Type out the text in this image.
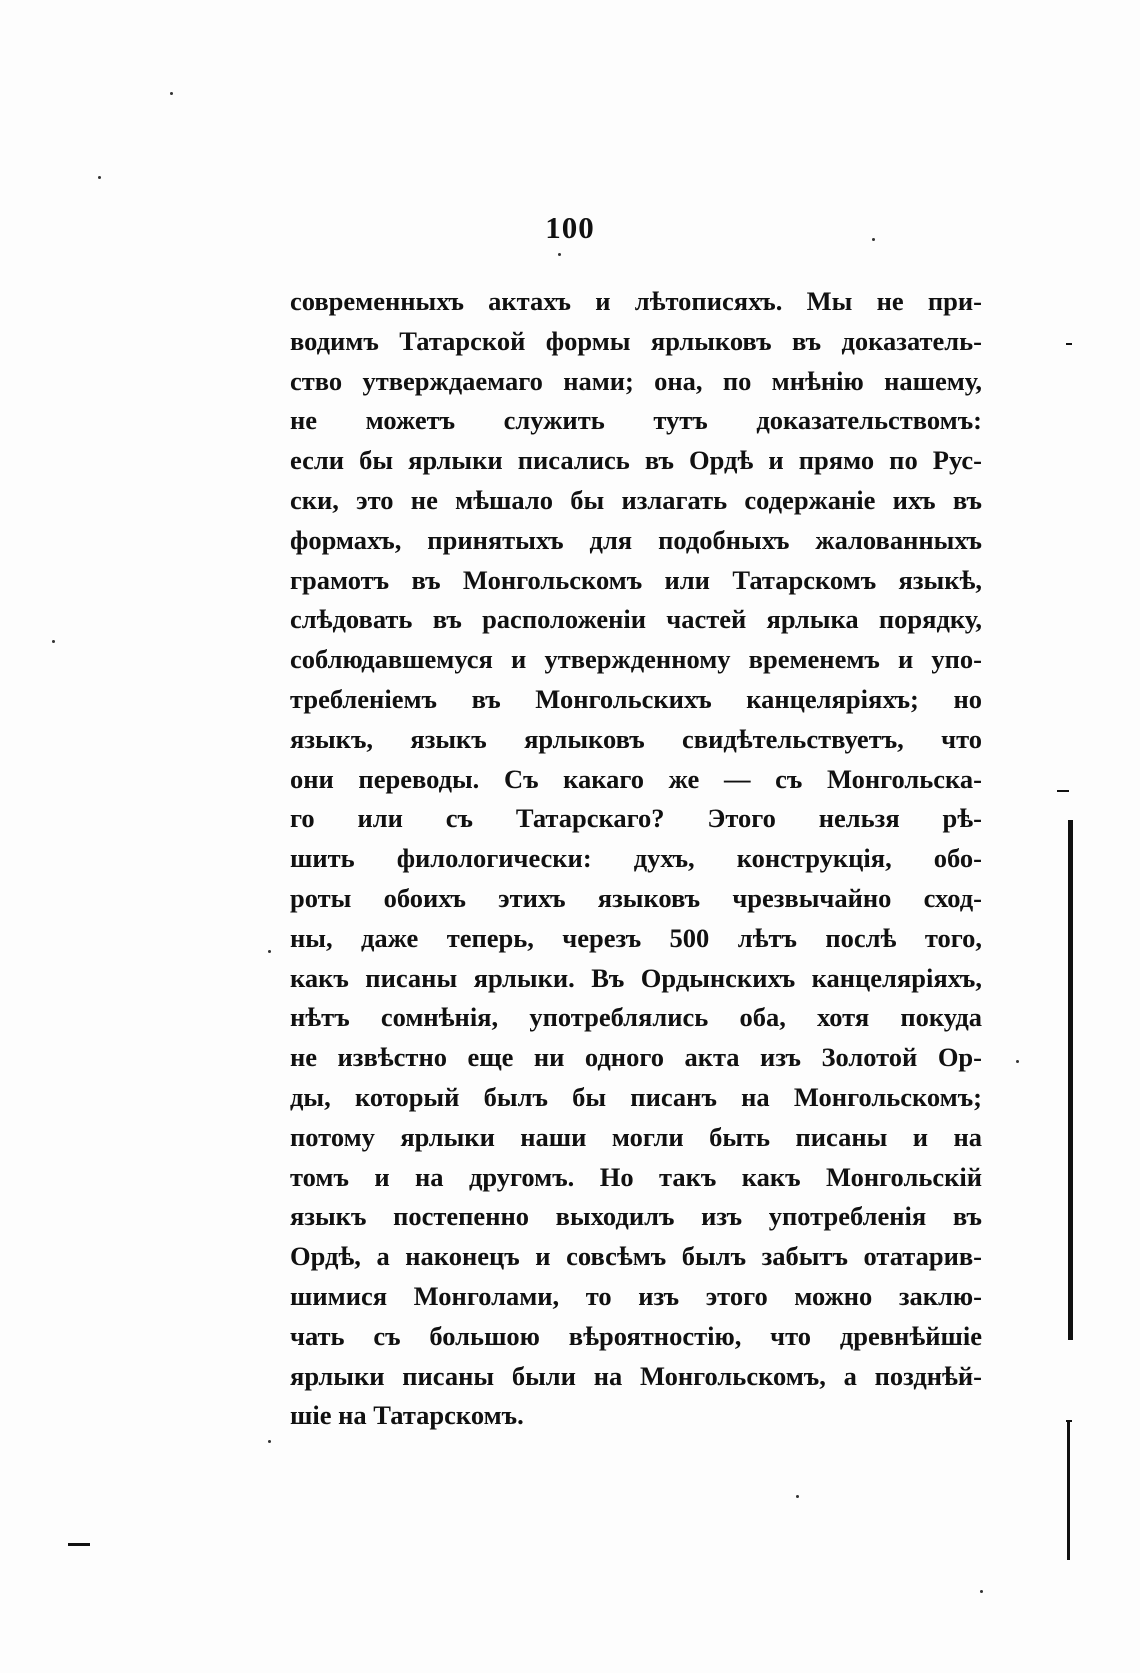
100
современныхъ актахъ и лѣтописяхъ. Мы не при-
водимъ Татарской формы ярлыковъ въ доказатель-
ство утверждаемаго нами; она, по мнѣнію нашему,
не можетъ служить тутъ доказательствомъ:
если бы ярлыки писались въ Ордѣ и прямо по Рус-
ски, это не мѣшало бы излагать содержаніе ихъ въ
формахъ, принятыхъ для подобныхъ жалованныхъ
грамотъ въ Монгольскомъ или Татарскомъ языкѣ,
слѣдовать въ расположеніи частей ярлыка порядку,
соблюдавшемуся и утвержденному временемъ и упо-
требленіемъ въ Монгольскихъ канцеляріяхъ; но
языкъ, языкъ ярлыковъ свидѣтельствуетъ, что
они переводы. Съ какаго же — съ Монгольска-
го или съ Татарскаго? Этого нельзя рѣ-
шить филологически: духъ, конструкція, обо-
роты обоихъ этихъ языковъ чрезвычайно сход-
ны, даже теперь, черезъ 500 лѣтъ послѣ того,
какъ писаны ярлыки. Въ Ордынскихъ канцеляріяхъ,
нѣтъ сомнѣнія, употреблялись оба, хотя покуда
не извѣстно еще ни одного акта изъ Золотой Ор-
ды, который былъ бы писанъ на Монгольскомъ;
потому ярлыки наши могли быть писаны и на
томъ и на другомъ. Но такъ какъ Монгольскій
языкъ постепенно выходилъ изъ употребленія въ
Ордѣ, а наконецъ и совсѣмъ былъ забытъ отатарив-
шимися Монголами, то изъ этого можно заклю-
чать съ большою вѣроятностію, что древнѣйшіе
ярлыки писаны были на Монгольскомъ, а позднѣй-
шіе на Татарскомъ.
